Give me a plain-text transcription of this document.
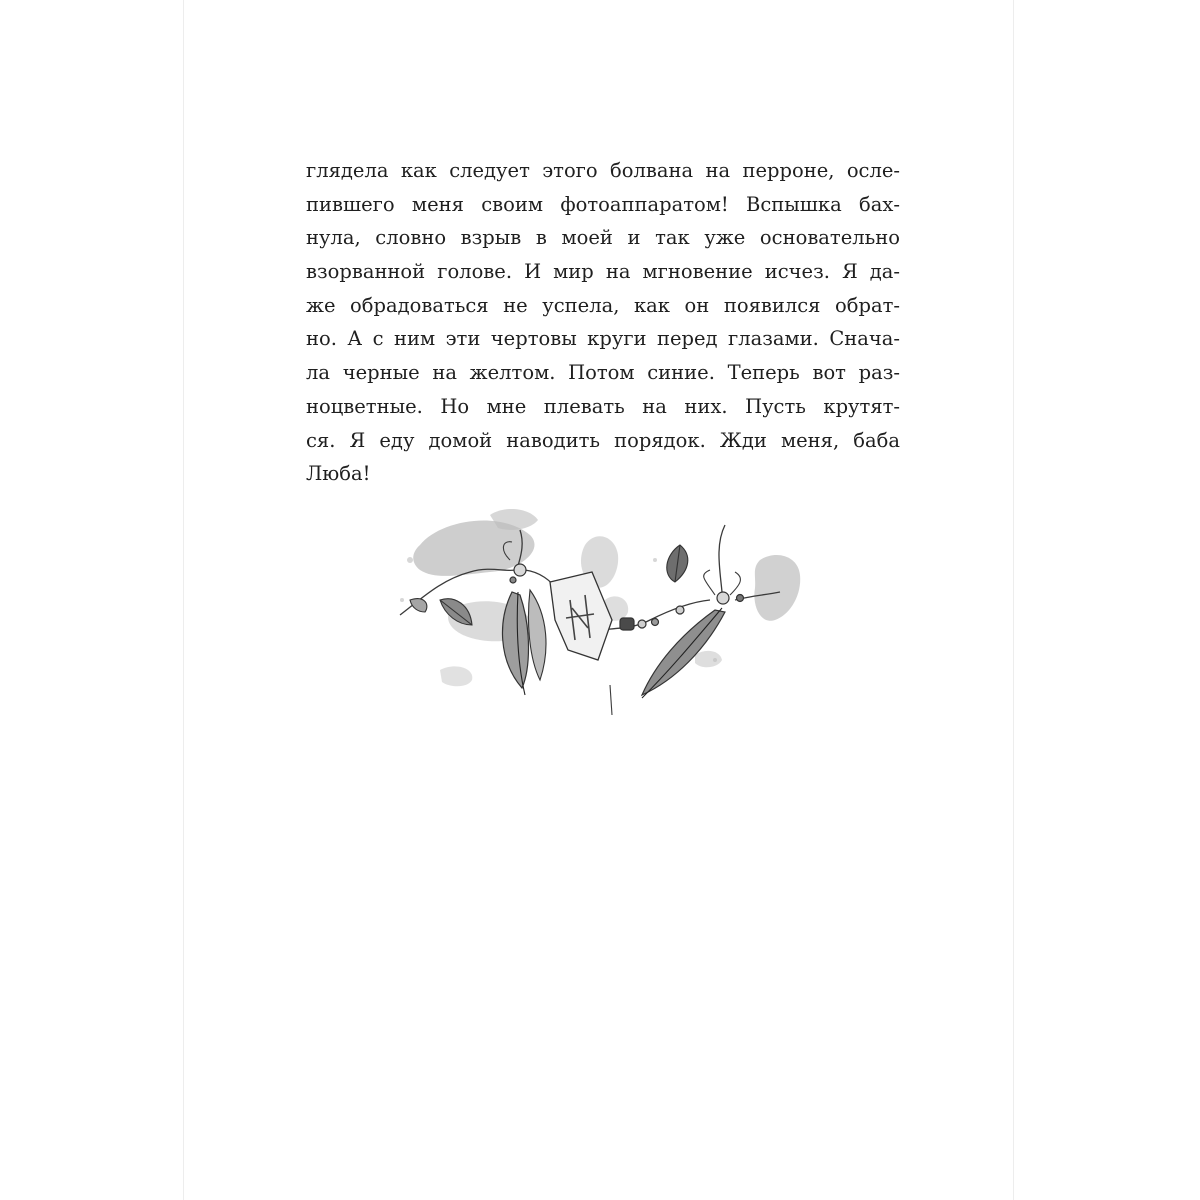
глядела как следует этого болвана на перроне, осле-
пившего меня своим фотоаппаратом! Вспышка бах-
нула, словно взрыв в моей и так уже основательно
взорванной голове. И мир на мгновение исчез. Я да-
же обрадоваться не успела, как он появился обрат-
но. А с ним эти чертовы круги перед глазами. Снача-
ла черные на желтом. Потом синие. Теперь вот раз-
ноцветные. Но мне плевать на них. Пусть крутят-
ся. Я еду домой наводить порядок. Жди меня, баба
Люба!
